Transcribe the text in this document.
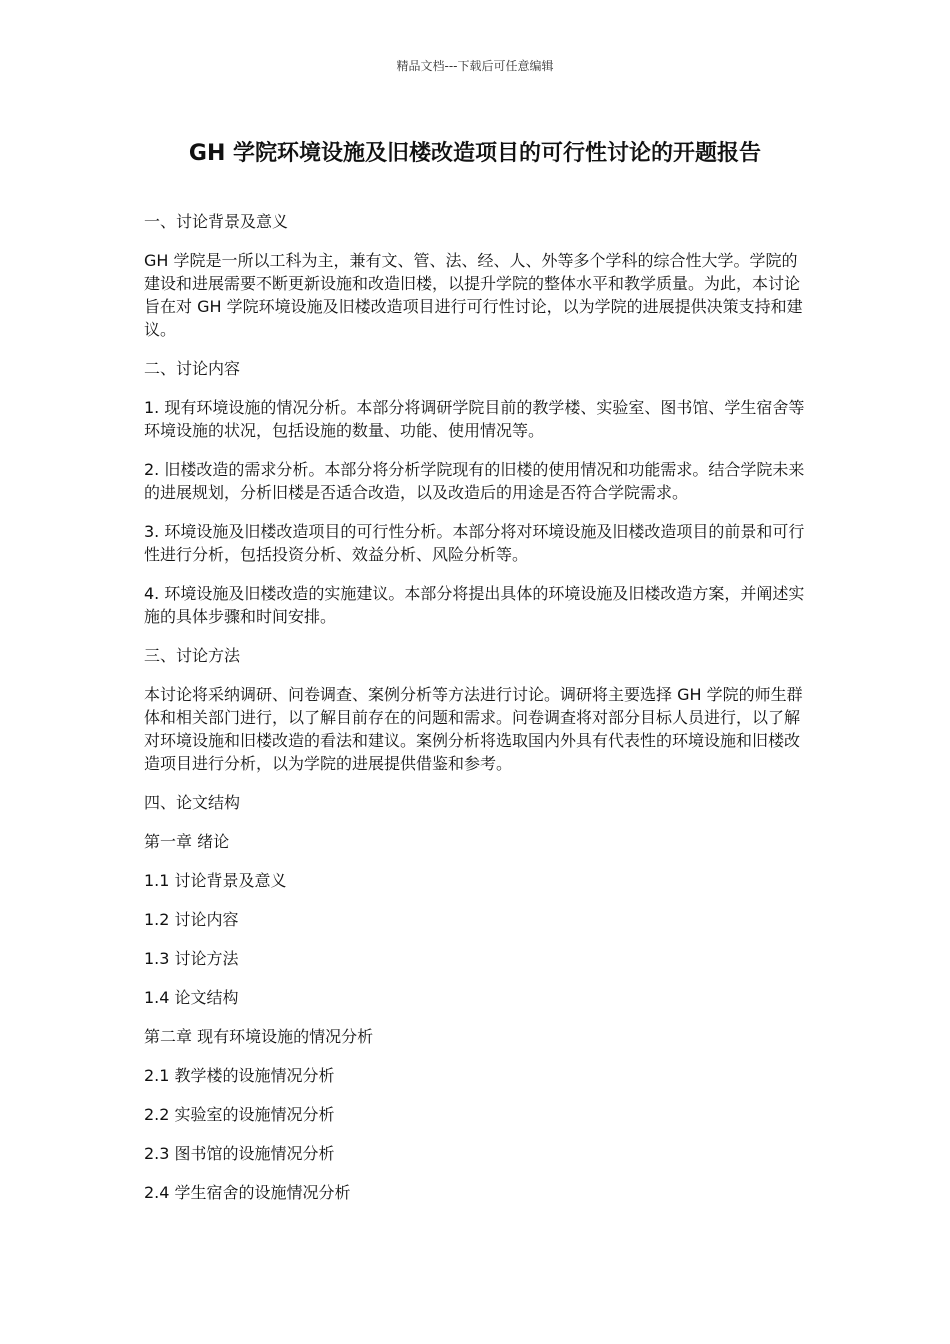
精品文档---下载后可任意编辑
GH 学院环境设施及旧楼改造项目的可行性讨论的开题报告

一、讨论背景及意义

GH 学院是一所以工科为主，兼有文、管、法、经、人、外等多个学科的综合性大学。学院的建设和进展需要不断更新设施和改造旧楼，以提升学院的整体水平和教学质量。为此，本讨论旨在对 GH 学院环境设施及旧楼改造项目进行可行性讨论，以为学院的进展提供决策支持和建议。

二、讨论内容

1. 现有环境设施的情况分析。本部分将调研学院目前的教学楼、实验室、图书馆、学生宿舍等环境设施的状况，包括设施的数量、功能、使用情况等。

2. 旧楼改造的需求分析。本部分将分析学院现有的旧楼的使用情况和功能需求。结合学院未来的进展规划，分析旧楼是否适合改造，以及改造后的用途是否符合学院需求。

3. 环境设施及旧楼改造项目的可行性分析。本部分将对环境设施及旧楼改造项目的前景和可行性进行分析，包括投资分析、效益分析、风险分析等。

4. 环境设施及旧楼改造的实施建议。本部分将提出具体的环境设施及旧楼改造方案，并阐述实施的具体步骤和时间安排。

三、讨论方法

本讨论将采纳调研、问卷调查、案例分析等方法进行讨论。调研将主要选择 GH 学院的师生群体和相关部门进行，以了解目前存在的问题和需求。问卷调查将对部分目标人员进行，以了解对环境设施和旧楼改造的看法和建议。案例分析将选取国内外具有代表性的环境设施和旧楼改造项目进行分析，以为学院的进展提供借鉴和参考。

四、论文结构

第一章 绪论

1.1 讨论背景及意义

1.2 讨论内容

1.3 讨论方法

1.4 论文结构

第二章 现有环境设施的情况分析

2.1 教学楼的设施情况分析

2.2 实验室的设施情况分析

2.3 图书馆的设施情况分析

2.4 学生宿舍的设施情况分析
